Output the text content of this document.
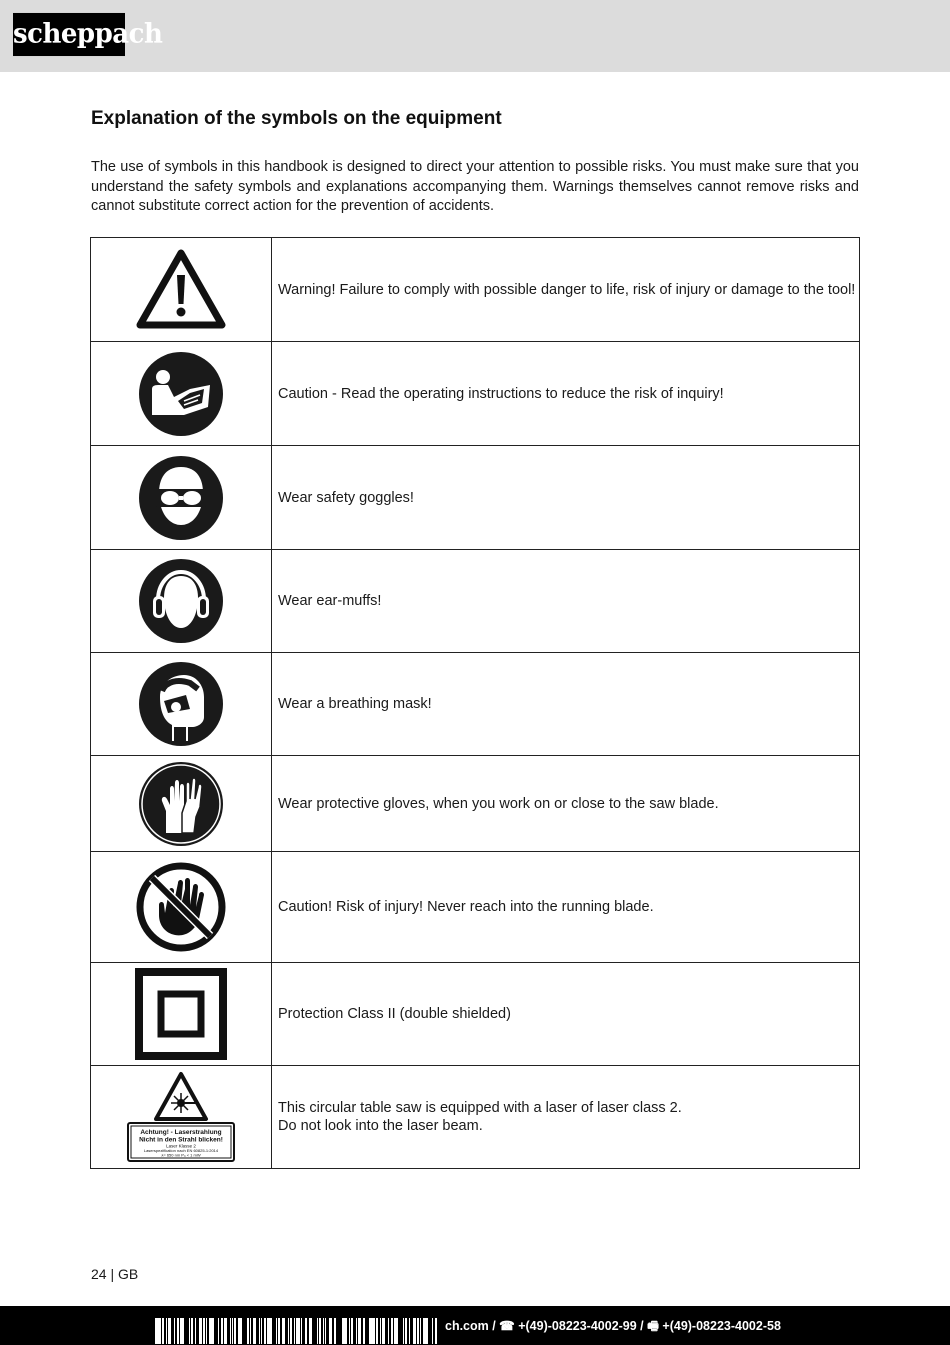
scheppach
Explanation of the symbols on the equipment

The use of symbols in this handbook is designed to direct your attention to possible risks. You must make sure that you understand the safety symbols and explanations accompanying them. Warnings themselves cannot remove risks and cannot substitute correct action for the prevention of accidents.

	Warning! Failure to comply with possible danger to life, risk of injury or damage to the tool!

	Caution - Read the operating instructions to reduce the risk of inquiry!

	Wear safety goggles!

	Wear ear-muffs!

	Wear a breathing mask!

	Wear protective gloves, when you work on or close to the saw blade.

	Caution! Risk of injury! Never reach into the running blade.

	Protection Class II (double shielded)

Achtung! - Laserstrahlung
Nicht in den Strahl blicken!
Laser Klasse 2
Laserspezifikation nach EN 60825-1:2014
λ= 650 nm P₀ < 1 mW	This circular table saw is equipped with a laser of laser class 2.
Do not look into the laser beam.
24 | GB
ch.com / ☎ +(49)-08223-4002-99 / 🖷 +(49)-08223-4002-58
